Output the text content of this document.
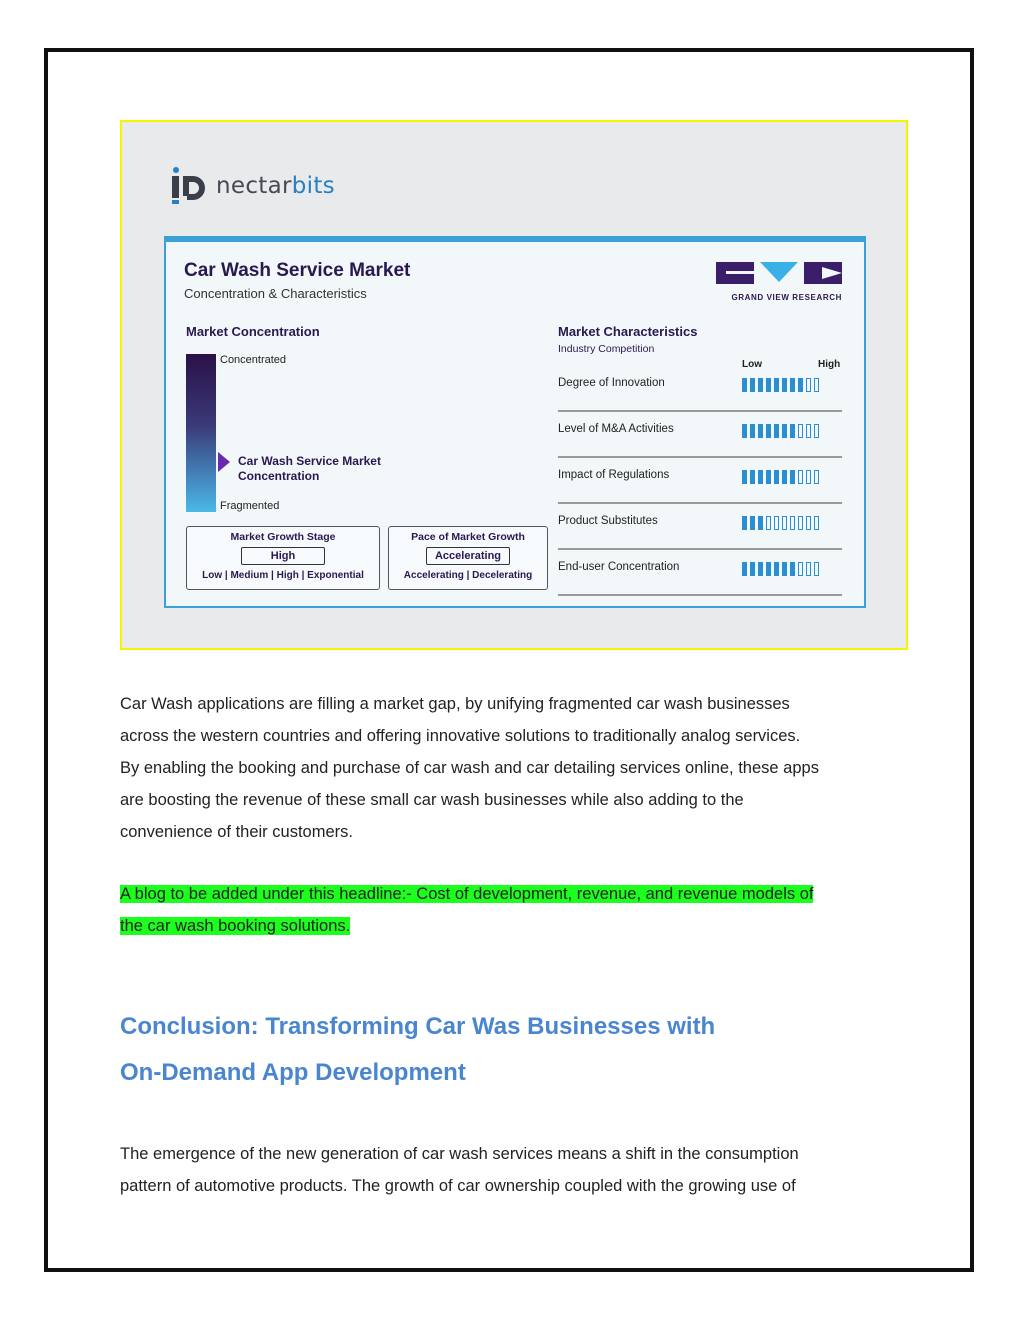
nectarbits
Car Wash Service Market
Concentration & Characteristics	GRAND VIEW RESEARCH
Market Concentration
Concentrated
Fragmented
Car Wash Service Market
Concentration
Market Growth Stage
High
Low | Medium | High | Exponential
Pace of Market Growth
Accelerating
Accelerating | Decelerating
Market Characteristics
Industry Competition
Low	High
Degree of Innovation
Level of M&A Activities
Impact of Regulations
Product Substitutes
End-user Concentration
Car Wash applications are filling a market gap, by unifying fragmented car wash businesses
across the western countries and offering innovative solutions to traditionally analog services.
By enabling the booking and purchase of car wash and car detailing services online, these apps
are boosting the revenue of these small car wash businesses while also adding to the
convenience of their customers.
A blog to be added under this headline:- Cost of development, revenue, and revenue models of
the car wash booking solutions.
Conclusion: Transforming Car Was Businesses with
On-Demand App Development
The emergence of the new generation of car wash services means a shift in the consumption
pattern of automotive products. The growth of car ownership coupled with the growing use of
